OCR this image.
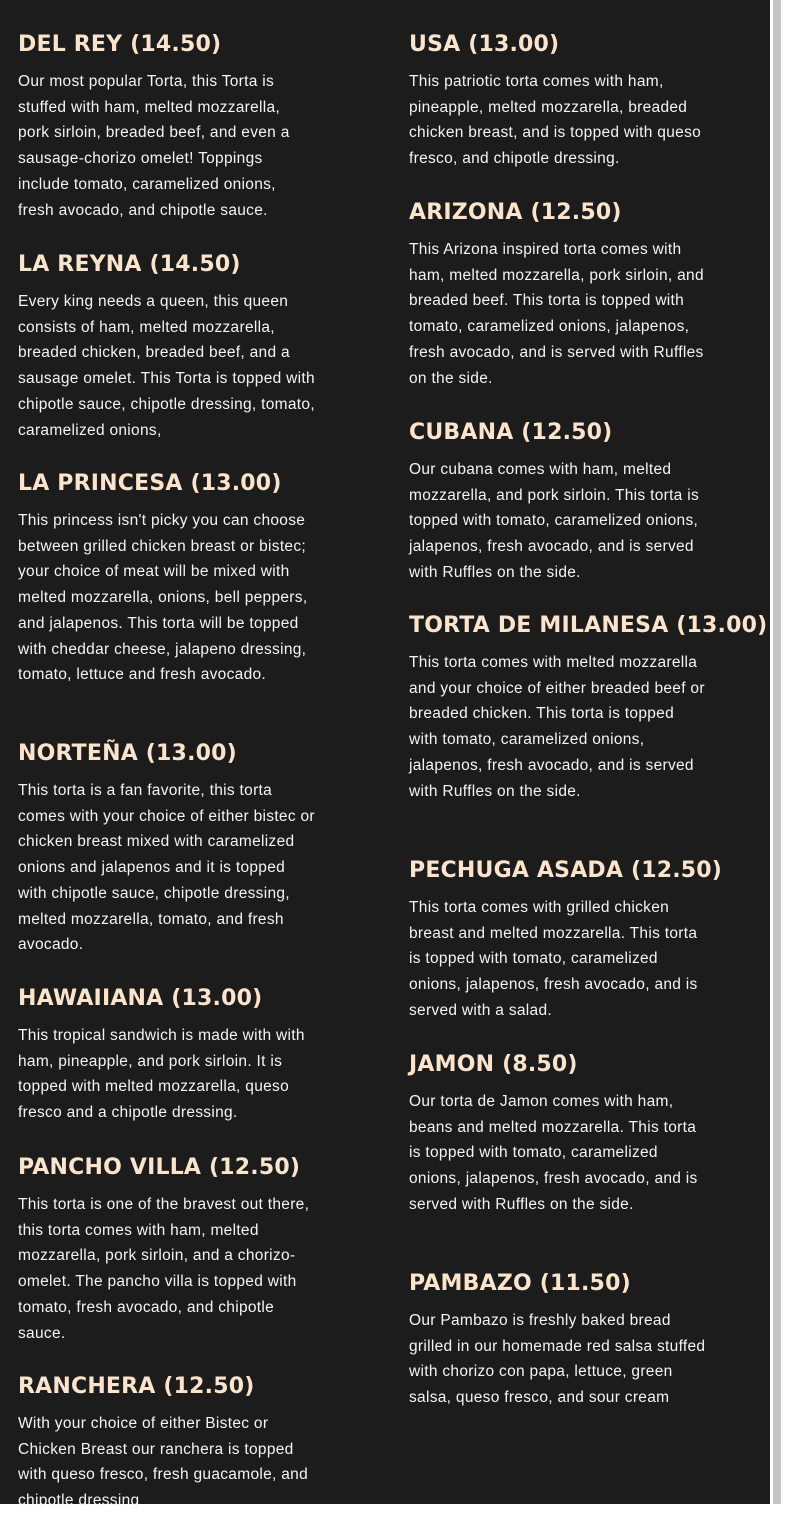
DEL REY (14.50)

Our most popular Torta, this Torta is stuffed with ham, melted mozzarella, pork sirloin, breaded beef, and even a sausage-chorizo omelet! Toppings include tomato, caramelized onions, fresh avocado, and chipotle sauce.

LA REYNA (14.50)

Every king needs a queen, this queen consists of ham, melted mozzarella, breaded chicken, breaded beef, and a sausage omelet. This Torta is topped with chipotle sauce, chipotle dressing, tomato, caramelized onions,

LA PRINCESA (13.00)

This princess isn't picky you can choose between grilled chicken breast or bistec; your choice of meat will be mixed with melted mozzarella, onions, bell peppers, and jalapenos. This torta will be topped with cheddar cheese, jalapeno dressing, tomato, lettuce and fresh avocado.

NORTEÑA (13.00)

This torta is a fan favorite, this torta comes with your choice of either bistec or chicken breast mixed with caramelized onions and jalapenos and it is topped with chipotle sauce, chipotle dressing, melted mozzarella, tomato, and fresh avocado.

HAWAIIANA (13.00)

This tropical sandwich is made with with ham, pineapple, and pork sirloin. It is topped with melted mozzarella, queso fresco and a chipotle dressing.

PANCHO VILLA (12.50)

This torta is one of the bravest out there, this torta comes with ham, melted mozzarella, pork sirloin, and a chorizo-omelet. The pancho villa is topped with tomato, fresh avocado, and chipotle sauce.

RANCHERA (12.50)

With your choice of either Bistec or Chicken Breast our ranchera is topped with queso fresco, fresh guacamole, and chipotle dressing

USA (13.00)

This patriotic torta comes with ham, pineapple, melted mozzarella, breaded chicken breast, and is topped with queso fresco, and chipotle dressing.

ARIZONA (12.50)

This Arizona inspired torta comes with ham, melted mozzarella, pork sirloin, and breaded beef. This torta is topped with tomato, caramelized onions, jalapenos, fresh avocado, and is served with Ruffles on the side.

CUBANA (12.50)

Our cubana comes with ham, melted mozzarella, and pork sirloin. This torta is topped with tomato, caramelized onions, jalapenos, fresh avocado, and is served with Ruffles on the side.

TORTA DE MILANESA (13.00)

This torta comes with melted mozzarella and your choice of either breaded beef or breaded chicken. This torta is topped with tomato, caramelized onions, jalapenos, fresh avocado, and is served with Ruffles on the side.

PECHUGA ASADA (12.50)

This torta comes with grilled chicken breast and melted mozzarella. This torta is topped with tomato, caramelized onions, jalapenos, fresh avocado, and is served with a salad.

JAMON (8.50)

Our torta de Jamon comes with ham, beans and melted mozzarella. This torta is topped with tomato, caramelized onions, jalapenos, fresh avocado, and is served with Ruffles on the side.

PAMBAZO (11.50)

Our Pambazo is freshly baked bread grilled in our homemade red salsa stuffed with chorizo con papa, lettuce, green salsa, queso fresco, and sour cream
